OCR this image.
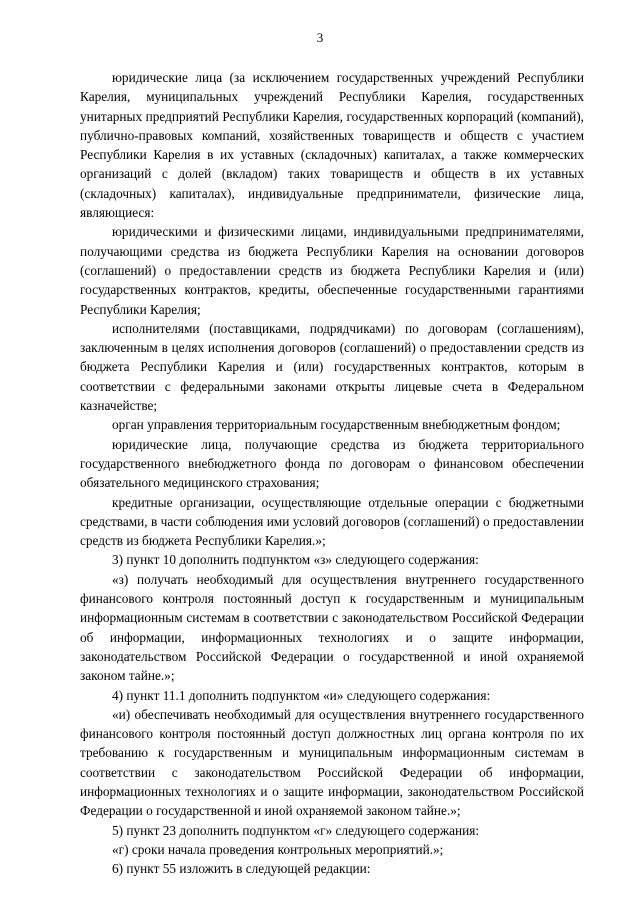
3

юридические лица (за исключением государственных учреждений Республики Карелия, муниципальных учреждений Республики Карелия, государственных унитарных предприятий Республики Карелия, государственных корпораций (компаний), публично-правовых компаний, хозяйственных товариществ и обществ с участием Республики Карелия в их уставных (складочных) капиталах, а также коммерческих организаций с долей (вкладом) таких товариществ и обществ в их уставных (складочных) капиталах), индивидуальные предприниматели, физические лица, являющиеся:

юридическими и физическими лицами, индивидуальными предпринимателями, получающими средства из бюджета Республики Карелия на основании договоров (соглашений) о предоставлении средств из бюджета Республики Карелия и (или) государственных контрактов, кредиты, обеспеченные государственными гарантиями Республики Карелия;

исполнителями (поставщиками, подрядчиками) по договорам (соглашениям), заключенным в целях исполнения договоров (соглашений) о предоставлении средств из бюджета Республики Карелия и (или) государственных контрактов, которым в соответствии с федеральными законами открыты лицевые счета в Федеральном казначействе;

орган управления территориальным государственным внебюджетным фондом;

юридические лица, получающие средства из бюджета территориального государственного внебюджетного фонда по договорам о финансовом обеспечении обязательного медицинского страхования;

кредитные организации, осуществляющие отдельные операции с бюджетными средствами, в части соблюдения ими условий договоров (соглашений) о предоставлении средств из бюджета Республики Карелия.»;

3) пункт 10 дополнить подпунктом «з» следующего содержания:

«з) получать необходимый для осуществления внутреннего государственного финансового контроля постоянный доступ к государственным и муниципальным информационным системам в соответствии с законодательством Российской Федерации об информации, информационных технологиях и о защите информации, законодательством Российской Федерации о государственной и иной охраняемой законом тайне.»;

4) пункт 11.1 дополнить подпунктом «и» следующего содержания:

«и) обеспечивать необходимый для осуществления внутреннего государственного финансового контроля постоянный доступ должностных лиц органа контроля по их требованию к государственным и муниципальным информационным системам в соответствии с законодательством Российской Федерации об информации, информационных технологиях и о защите информации, законодательством Российской Федерации о государственной и иной охраняемой законом тайне.»;

5) пункт 23 дополнить подпунктом «г» следующего содержания:

«г) сроки начала проведения контрольных мероприятий.»;

6) пункт 55 изложить в следующей редакции:
